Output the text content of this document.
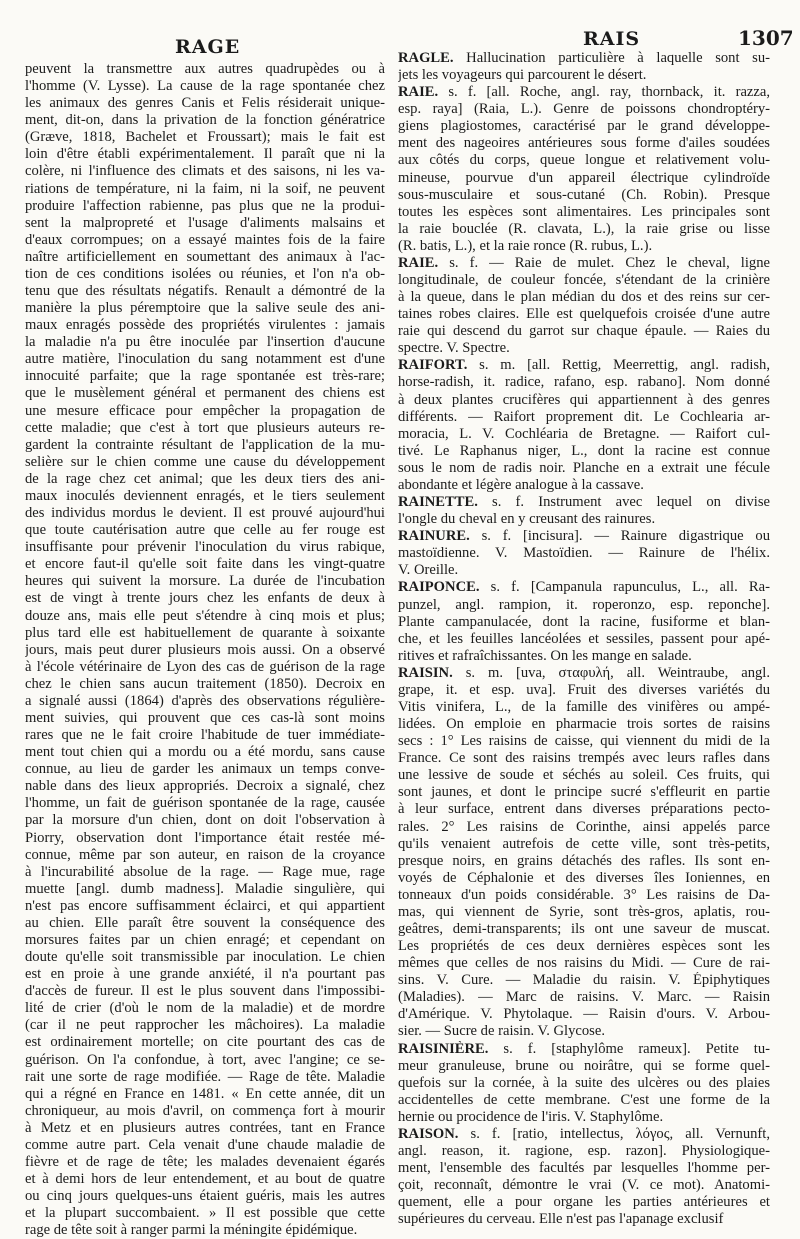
RAGE	RAIS	1307
peuvent la transmettre aux autres quadrupèdes ou à
l'homme (V. Lysse). La cause de la rage spontanée chez
les animaux des genres Canis et Felis résiderait unique-
ment, dit-on, dans la privation de la fonction génératrice
(Græve, 1818, Bachelet et Froussart); mais le fait est
loin d'être établi expérimentalement. Il paraît que ni la
colère, ni l'influence des climats et des saisons, ni les va-
riations de température, ni la faim, ni la soif, ne peuvent
produire l'affection rabienne, pas plus que ne la produi-
sent la malpropreté et l'usage d'aliments malsains et
d'eaux corrompues; on a essayé maintes fois de la faire
naître artificiellement en soumettant des animaux à l'ac-
tion de ces conditions isolées ou réunies, et l'on n'a ob-
tenu que des résultats négatifs. Renault a démontré de la
manière la plus péremptoire que la salive seule des ani-
maux enragés possède des propriétés virulentes : jamais
la maladie n'a pu être inoculée par l'insertion d'aucune
autre matière, l'inoculation du sang notamment est d'une
innocuité parfaite; que la rage spontanée est très-rare;
que le musèlement général et permanent des chiens est
une mesure efficace pour empêcher la propagation de
cette maladie; que c'est à tort que plusieurs auteurs re-
gardent la contrainte résultant de l'application de la mu-
selière sur le chien comme une cause du développement
de la rage chez cet animal; que les deux tiers des ani-
maux inoculés deviennent enragés, et le tiers seulement
des individus mordus le devient. Il est prouvé aujourd'hui
que toute cautérisation autre que celle au fer rouge est
insuffisante pour prévenir l'inoculation du virus rabique,
et encore faut-il qu'elle soit faite dans les vingt-quatre
heures qui suivent la morsure. La durée de l'incubation
est de vingt à trente jours chez les enfants de deux à
douze ans, mais elle peut s'étendre à cinq mois et plus;
plus tard elle est habituellement de quarante à soixante
jours, mais peut durer plusieurs mois aussi. On a observé
à l'école vétérinaire de Lyon des cas de guérison de la rage
chez le chien sans aucun traitement (1850). Decroix en
a signalé aussi (1864) d'après des observations régulière-
ment suivies, qui prouvent que ces cas-là sont moins
rares que ne le fait croire l'habitude de tuer immédiate-
ment tout chien qui a mordu ou a été mordu, sans cause
connue, au lieu de garder les animaux un temps conve-
nable dans des lieux appropriés. Decroix a signalé, chez
l'homme, un fait de guérison spontanée de la rage, causée
par la morsure d'un chien, dont on doit l'observation à
Piorry, observation dont l'importance était restée mé-
connue, même par son auteur, en raison de la croyance
à l'incurabilité absolue de la rage. — Rage mue, rage
muette [angl. dumb madness]. Maladie singulière, qui
n'est pas encore suffisamment éclairci, et qui appartient
au chien. Elle paraît être souvent la conséquence des
morsures faites par un chien enragé; et cependant on
doute qu'elle soit transmissible par inoculation. Le chien
est en proie à une grande anxiété, il n'a pourtant pas
d'accès de fureur. Il est le plus souvent dans l'impossibi-
lité de crier (d'où le nom de la maladie) et de mordre
(car il ne peut rapprocher les mâchoires). La maladie
est ordinairement mortelle; on cite pourtant des cas de
guérison. On l'a confondue, à tort, avec l'angine; ce se-
rait une sorte de rage modifiée. — Rage de tête. Maladie
qui a régné en France en 1481. « En cette année, dit un
chroniqueur, au mois d'avril, on commença fort à mourir
à Metz et en plusieurs autres contrées, tant en France
comme autre part. Cela venait d'une chaude maladie de
fièvre et de rage de tête; les malades devenaient égarés
et à demi hors de leur entendement, et au bout de quatre
ou cinq jours quelques-uns étaient guéris, mais les autres
et la plupart succombaient. » Il est possible que cette
rage de tête soit à ranger parmi la méningite épidémique.
RAGLE. Hallucination particulière à laquelle sont su-
jets les voyageurs qui parcourent le désert.
RAIE. s. f. [all. Roche, angl. ray, thornback, it. razza,
esp. raya] (Raia, L.). Genre de poissons chondroptéry-
giens plagiostomes, caractérisé par le grand développe-
ment des nageoires antérieures sous forme d'ailes soudées
aux côtés du corps, queue longue et relativement volu-
mineuse, pourvue d'un appareil électrique cylindroïde
sous-musculaire et sous-cutané (Ch. Robin). Presque
toutes les espèces sont alimentaires. Les principales sont
la raie bouclée (R. clavata, L.), la raie grise ou lisse
(R. batis, L.), et la raie ronce (R. rubus, L.).
RAIE. s. f. — Raie de mulet. Chez le cheval, ligne
longitudinale, de couleur foncée, s'étendant de la crinière
à la queue, dans le plan médian du dos et des reins sur cer-
taines robes claires. Elle est quelquefois croisée d'une autre
raie qui descend du garrot sur chaque épaule. — Raies du
spectre. V. Spectre.
RAIFORT. s. m. [all. Rettig, Meerrettig, angl. radish,
horse-radish, it. radice, rafano, esp. rabano]. Nom donné
à deux plantes crucifères qui appartiennent à des genres
différents. — Raifort proprement dit. Le Cochlearia ar-
moracia, L. V. Cochléaria de Bretagne. — Raifort cul-
tivé. Le Raphanus niger, L., dont la racine est connue
sous le nom de radis noir. Planche en a extrait une fécule
abondante et légère analogue à la cassave.
RAINETTE. s. f. Instrument avec lequel on divise
l'ongle du cheval en y creusant des rainures.
RAINURE. s. f. [incisura]. — Rainure digastrique ou
mastoïdienne. V. Mastoïdien. — Rainure de l'hélix.
V. Oreille.
RAIPONCE. s. f. [Campanula rapunculus, L., all. Ra-
punzel, angl. rampion, it. roperonzo, esp. reponche].
Plante campanulacée, dont la racine, fusiforme et blan-
che, et les feuilles lancéolées et sessiles, passent pour apé-
ritives et rafraîchissantes. On les mange en salade.
RAISIN. s. m. [uva, σταφυλή, all. Weintraube, angl.
grape, it. et esp. uva]. Fruit des diverses variétés du
Vitis vinifera, L., de la famille des vinifères ou ampé-
lidées. On emploie en pharmacie trois sortes de raisins
secs : 1° Les raisins de caisse, qui viennent du midi de la
France. Ce sont des raisins trempés avec leurs rafles dans
une lessive de soude et séchés au soleil. Ces fruits, qui
sont jaunes, et dont le principe sucré s'effleurit en partie
à leur surface, entrent dans diverses préparations pecto-
rales. 2° Les raisins de Corinthe, ainsi appelés parce
qu'ils venaient autrefois de cette ville, sont très-petits,
presque noirs, en grains détachés des rafles. Ils sont en-
voyés de Céphalonie et des diverses îles Ioniennes, en
tonneaux d'un poids considérable. 3° Les raisins de Da-
mas, qui viennent de Syrie, sont très-gros, aplatis, rou-
geâtres, demi-transparents; ils ont une saveur de muscat.
Les propriétés de ces deux dernières espèces sont les
mêmes que celles de nos raisins du Midi. — Cure de rai-
sins. V. Cure. — Maladie du raisin. V. Épiphytiques
(Maladies). — Marc de raisins. V. Marc. — Raisin
d'Amérique. V. Phytolaque. — Raisin d'ours. V. Arbou-
sier. — Sucre de raisin. V. Glycose.
RAISINIÈRE. s. f. [staphylôme rameux]. Petite tu-
meur granuleuse, brune ou noirâtre, qui se forme quel-
quefois sur la cornée, à la suite des ulcères ou des plaies
accidentelles de cette membrane. C'est une forme de la
hernie ou procidence de l'iris. V. Staphylôme.
RAISON. s. f. [ratio, intellectus, λόγος, all. Vernunft,
angl. reason, it. ragione, esp. razon]. Physiologique-
ment, l'ensemble des facultés par lesquelles l'homme per-
çoit, reconnaît, démontre le vrai (V. ce mot). Anatomi-
quement, elle a pour organe les parties antérieures et
supérieures du cerveau. Elle n'est pas l'apanage exclusif
